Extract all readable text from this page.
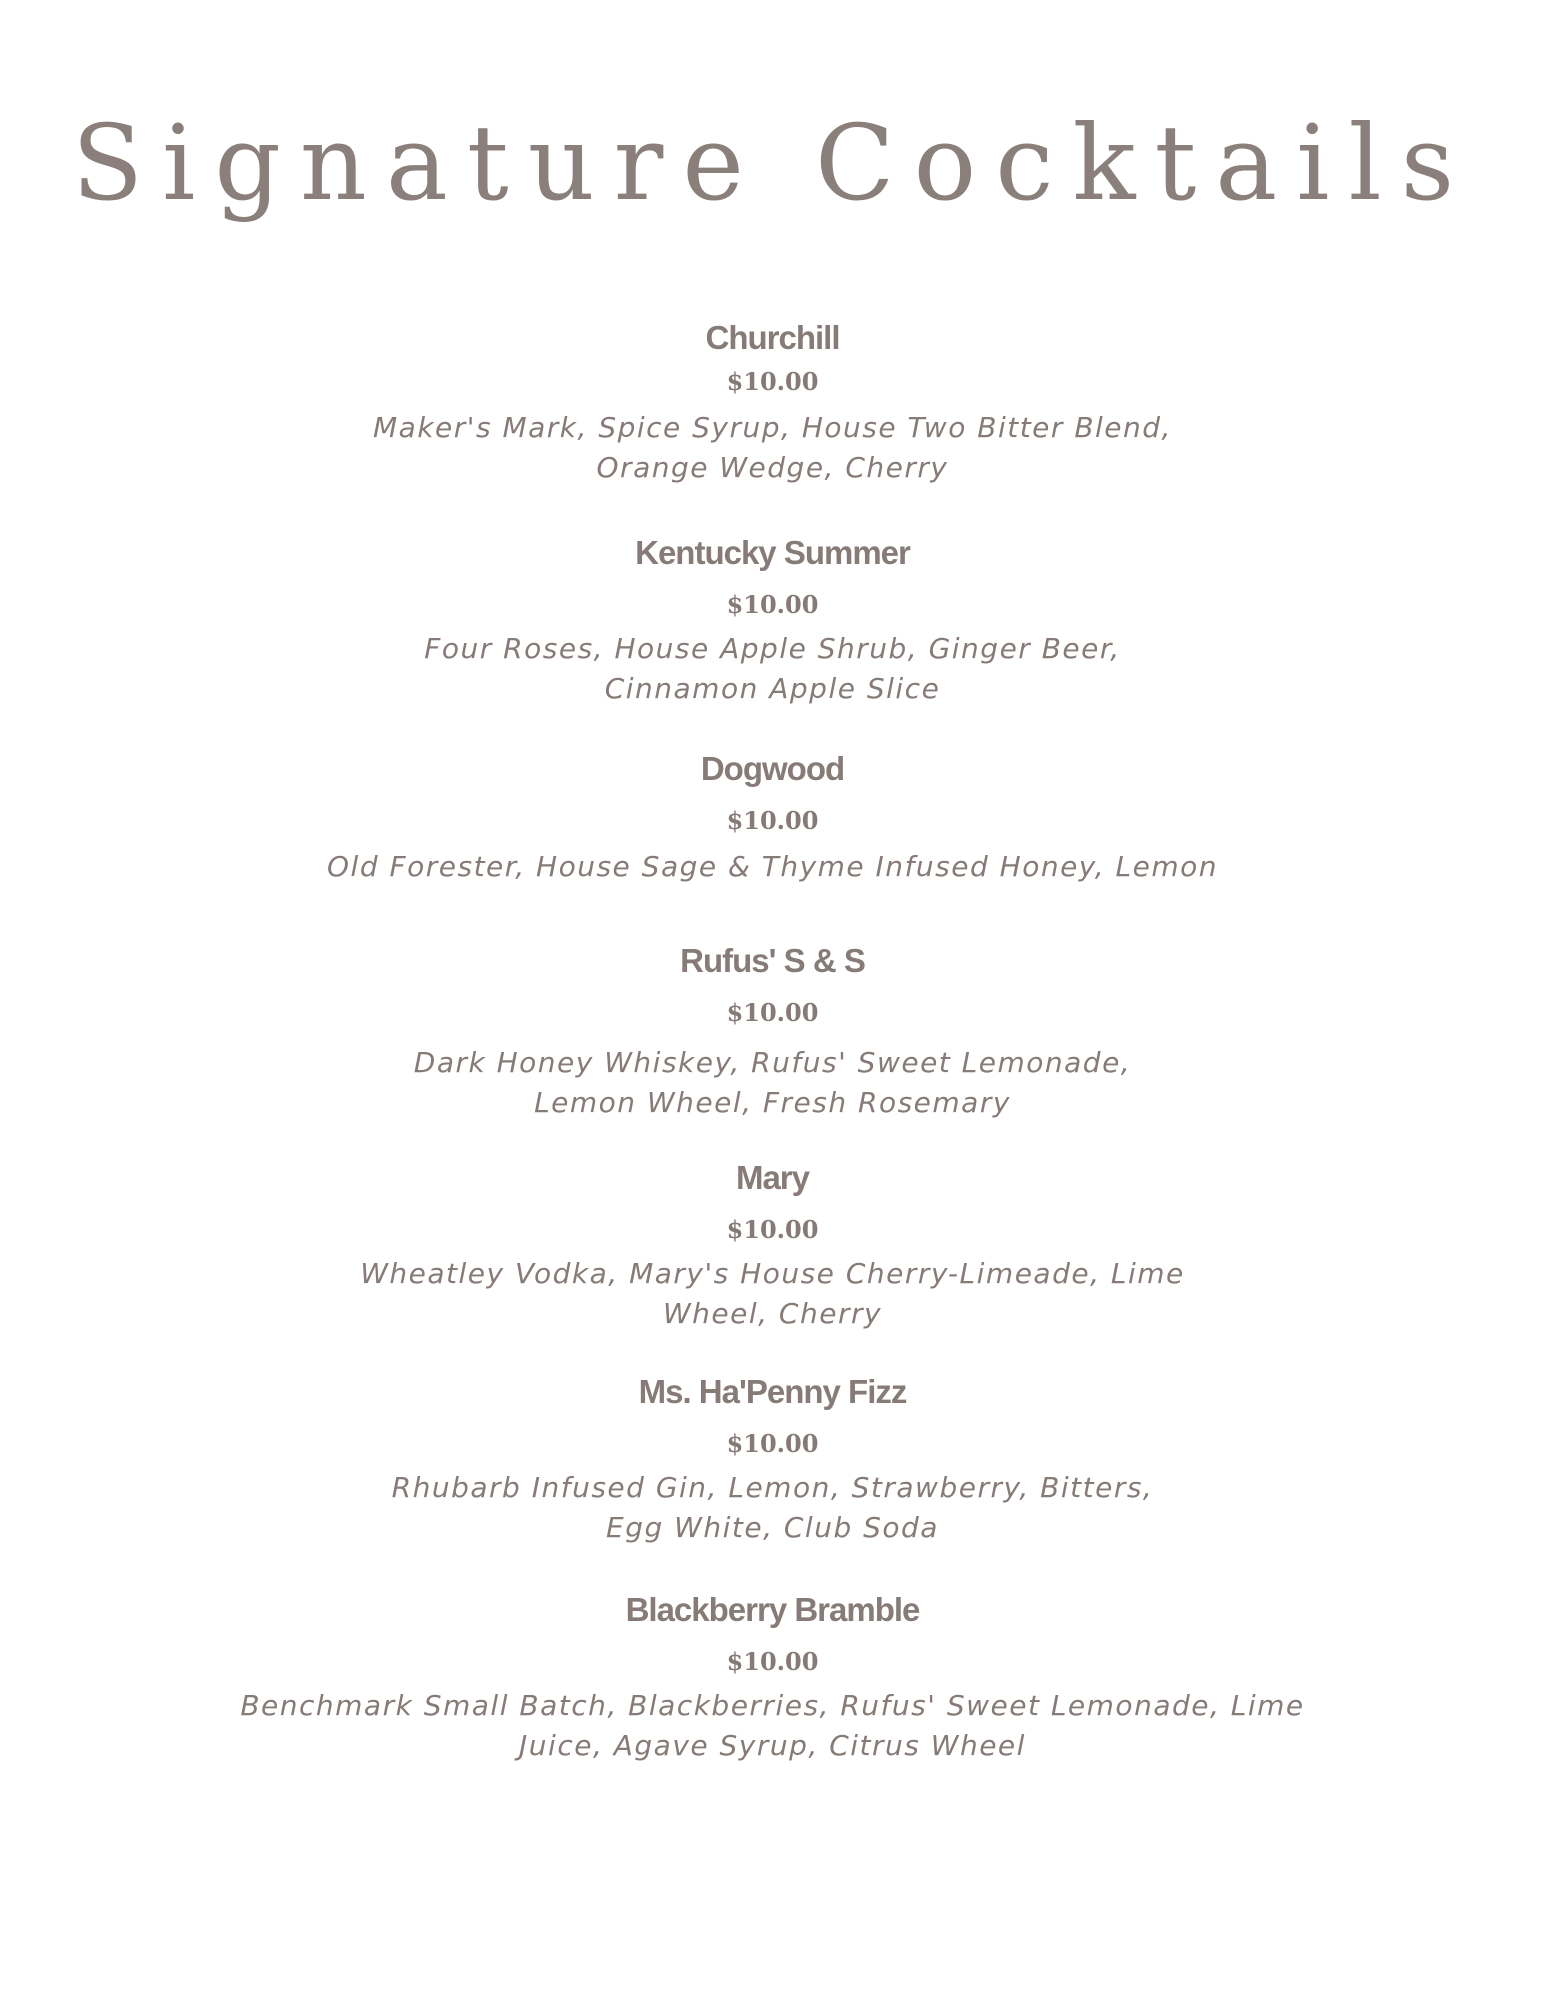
Signature Cocktails
Churchill
$10.00
Maker's Mark, Spice Syrup, House Two Bitter Blend,
Orange Wedge, Cherry
Kentucky Summer
$10.00
Four Roses, House Apple Shrub, Ginger Beer,
Cinnamon Apple Slice
Dogwood
$10.00
Old Forester, House Sage & Thyme Infused Honey, Lemon
Rufus' S & S
$10.00
Dark Honey Whiskey, Rufus' Sweet Lemonade,
Lemon Wheel, Fresh Rosemary
Mary
$10.00
Wheatley Vodka, Mary's House Cherry-Limeade, Lime
Wheel, Cherry
Ms. Ha'Penny Fizz
$10.00
Rhubarb Infused Gin, Lemon, Strawberry, Bitters,
Egg White, Club Soda
Blackberry Bramble
$10.00
Benchmark Small Batch, Blackberries, Rufus' Sweet Lemonade, Lime
Juice, Agave Syrup, Citrus Wheel
